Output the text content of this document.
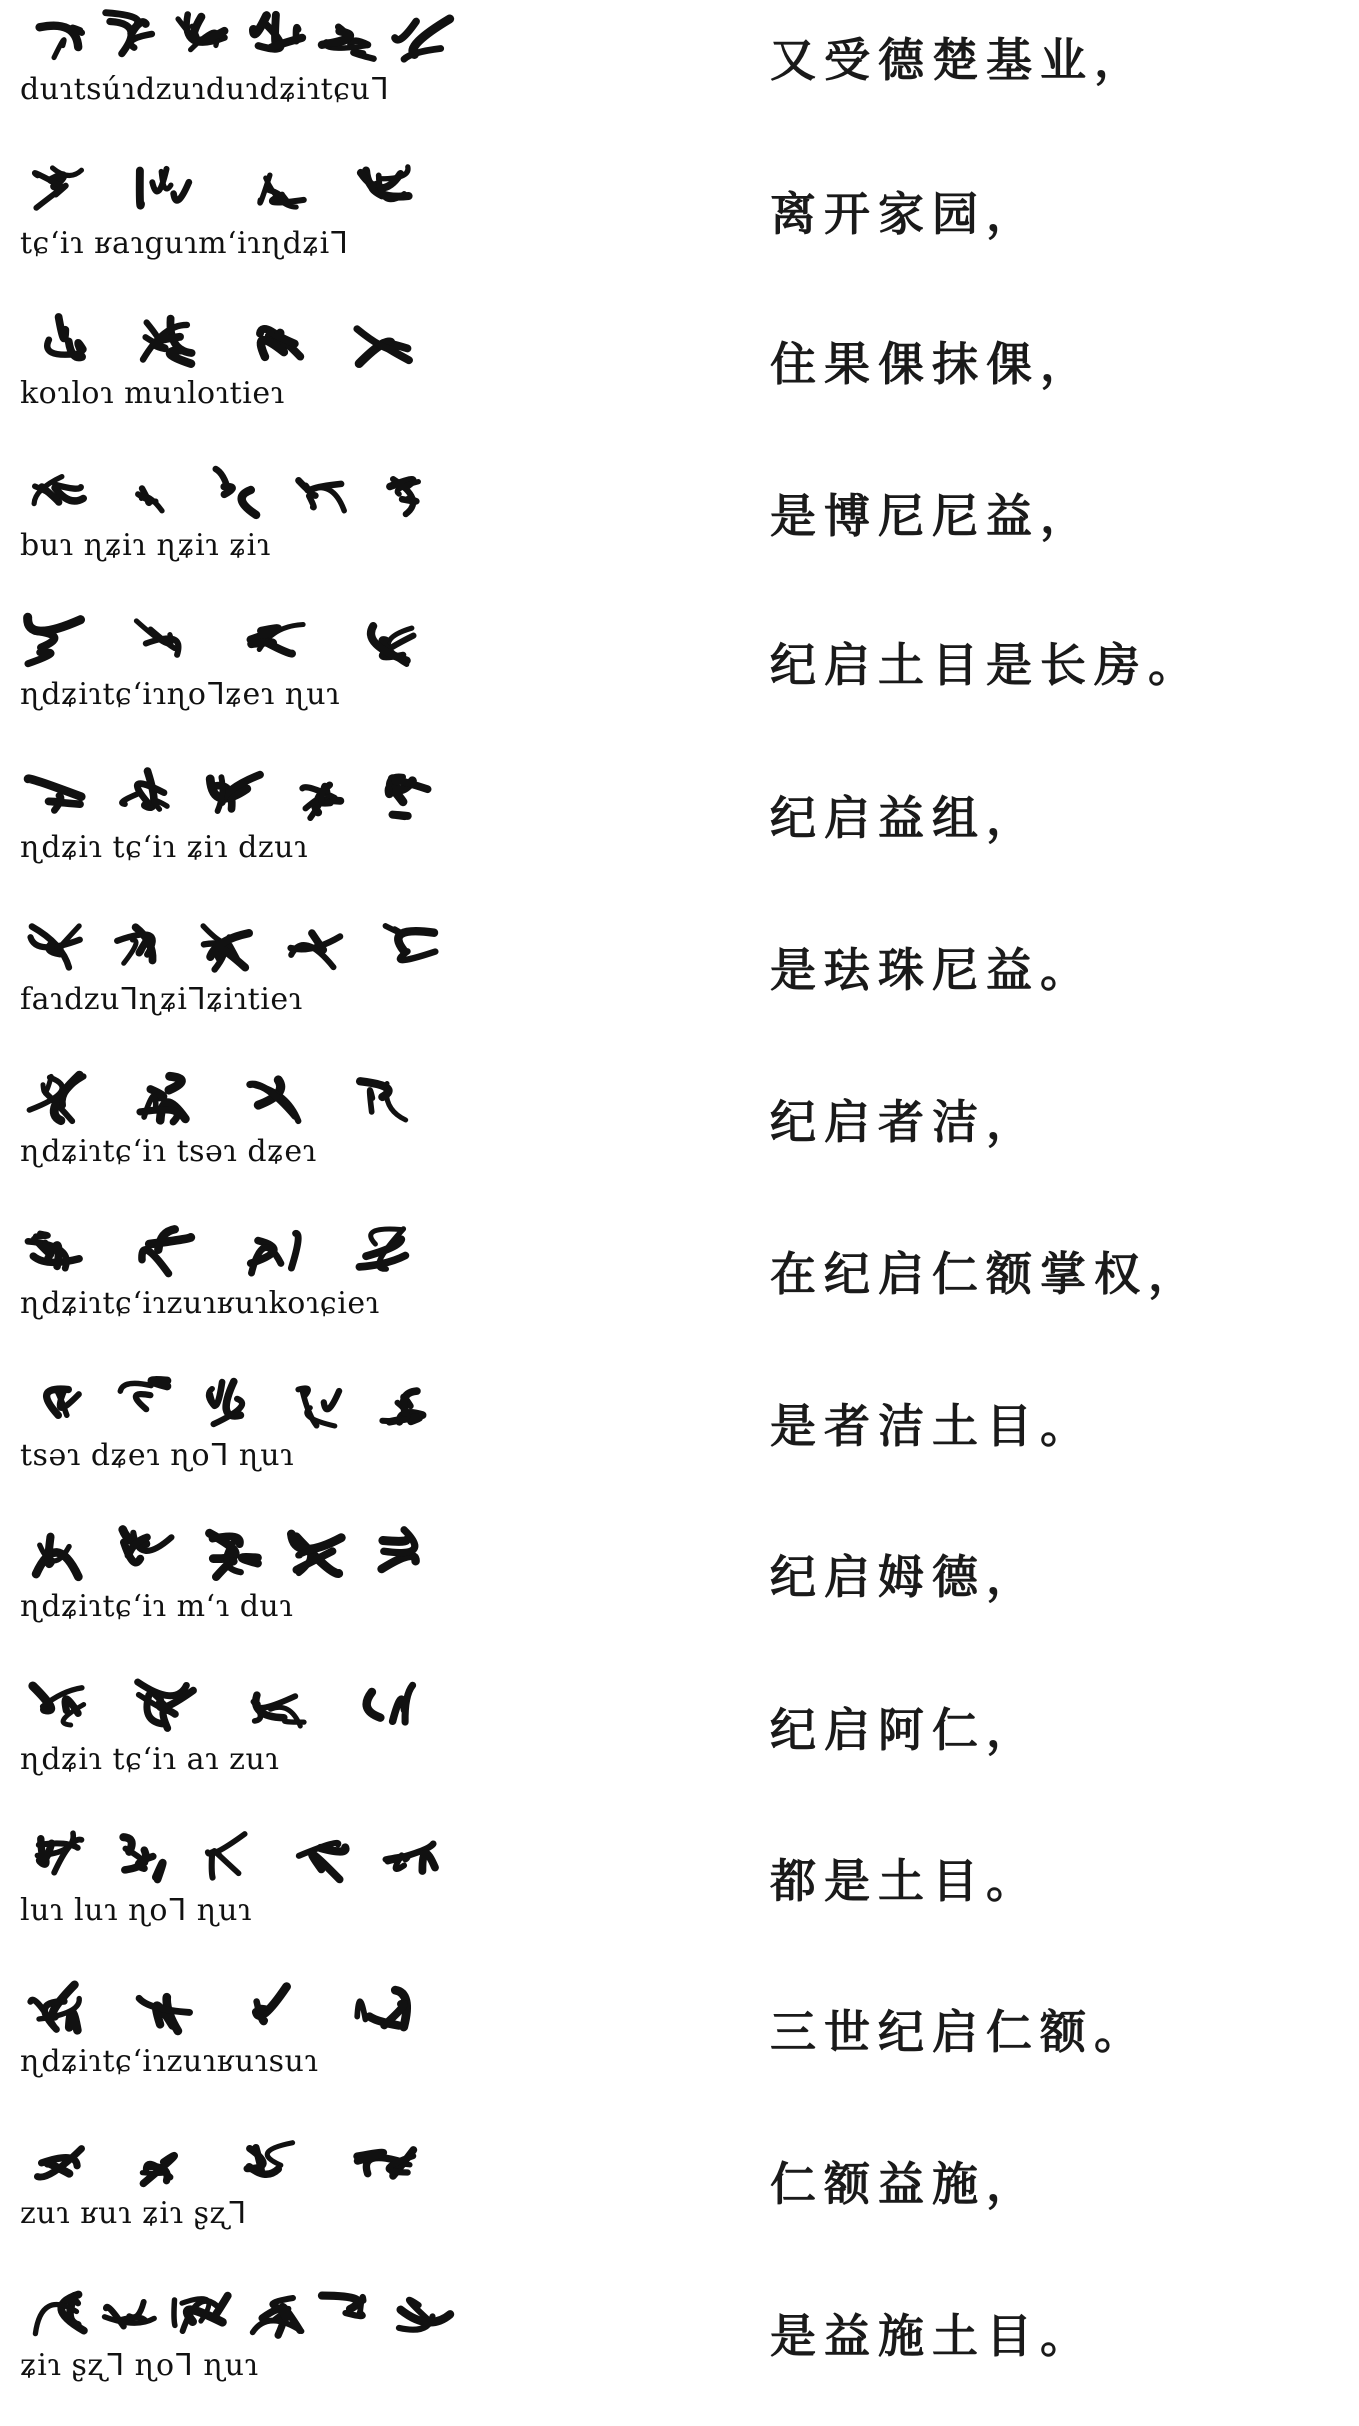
duɿtsúɿdzuɿduɿdʑiɿtɕuᒣ
又受德楚基业，
tɕʻiɿ ʁaɿguɿmʻiɿɳdʑiᒣ
离开家园，
koɿloɿ muɿloɿtieɿ
住果倮抹倮，
buɿ ɳʑiɿ ɳʑiɿ ʑiɿ
是博尼尼益，
ɳdʑiɿtɕʻiɿɳoᒣʑeɿ ɳuɿ
纪启土目是长房。
ɳdʑiɿ tɕʻiɿ ʑiɿ dzuɿ
纪启益组，
faɿdzuᒣɳʑiᒣʑiɿtieɿ
是珐珠尼益。
ɳdʑiɿtɕʻiɿ tsəɿ dʑeɿ
纪启者洁，
ɳdʑiɿtɕʻiɿzuɿʁuɿkoɿɕieɿ
在纪启仁额掌权，
tsəɿ dʑeɿ ɳoᒣ ɳuɿ
是者洁土目。
ɳdʑiɿtɕʻiɿ mʻɿ duɿ
纪启姆德，
ɳdʑiɿ tɕʻiɿ aɿ zuɿ
纪启阿仁，
luɿ luɿ ɳoᒣ ɳuɿ
都是土目。
ɳdʑiɿtɕʻiɿzuɿʁuɿsuɿ
三世纪启仁额。
zuɿ ʁuɿ ʑiɿ ʂʐᒣ
仁额益施，
ʑiɿ ʂʐᒣ ɳoᒣ ɳuɿ
是益施土目。
